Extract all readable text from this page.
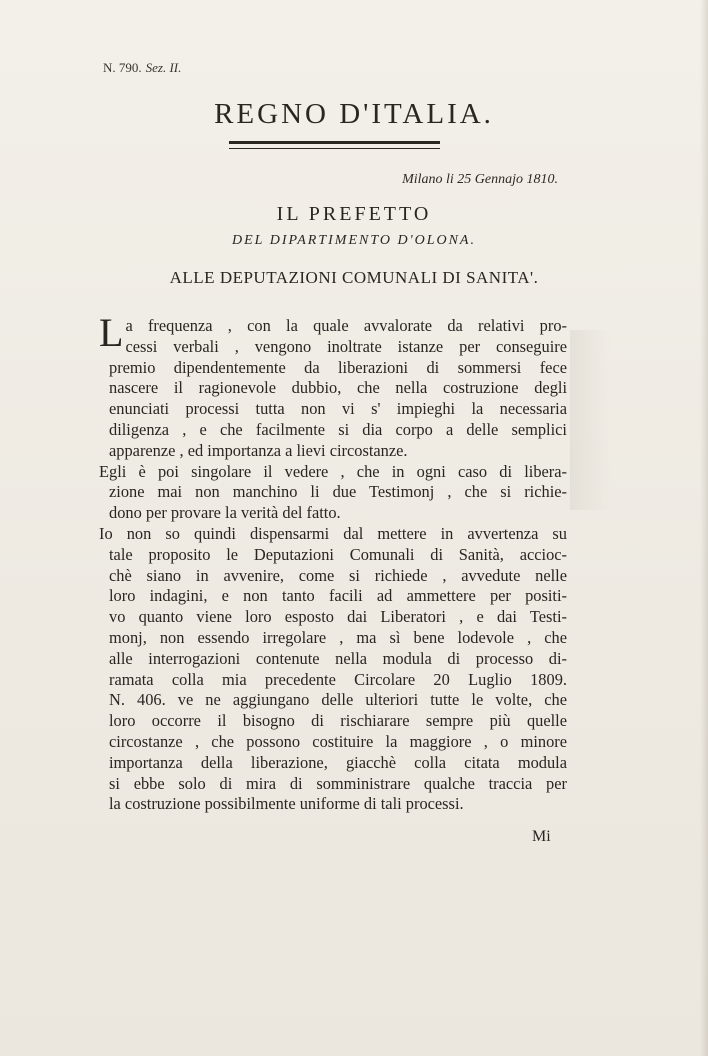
N. 790. Sez. II.
REGNO D'ITALIA.
Milano li 25 Gennajo 1810.
IL PREFETTO
DEL DIPARTIMENTO D'OLONA.
ALLE DEPUTAZIONI COMUNALI DI SANITA'.
L a frequenza , con la quale avvalorate da relativi pro-
cessi verbali , vengono inoltrate istanze per conseguire
premio dipendentemente da liberazioni di sommersi fece
nascere il ragionevole dubbio, che nella costruzione degli
enunciati processi tutta non vi s' impieghi la necessaria
diligenza , e che facilmente si dia corpo a delle semplici
apparenze , ed importanza a lievi circostanze.
Egli è poi singolare il vedere , che in ogni caso di libera-
zione mai non manchino li due Testimonj , che si richie-
dono per provare la verità del fatto.
Io non so quindi dispensarmi dal mettere in avvertenza su
tale proposito le Deputazioni Comunali di Sanità, accioc-
chè siano in avvenire, come si richiede , avvedute nelle
loro indagini, e non tanto facili ad ammettere per positi-
vo quanto viene loro esposto dai Liberatori , e dai Testi-
monj, non essendo irregolare , ma sì bene lodevole , che
alle interrogazioni contenute nella modula di processo di-
ramata colla mia precedente Circolare 20 Luglio 1809.
N. 406. ve ne aggiungano delle ulteriori tutte le volte, che
loro occorre il bisogno di rischiarare sempre più quelle
circostanze , che possono costituire la maggiore , o minore
importanza della liberazione, giacchè colla citata modula
si ebbe solo di mira di somministrare qualche traccia per
la costruzione possibilmente uniforme di tali processi.
Mi
